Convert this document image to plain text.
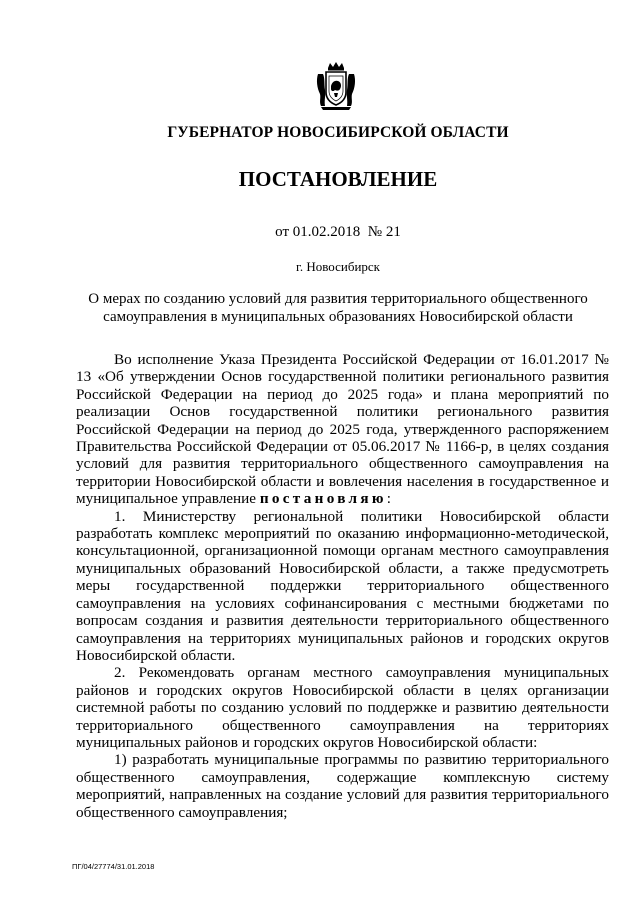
ГУБЕРНАТОР НОВОСИБИРСКОЙ ОБЛАСТИ
ПОСТАНОВЛЕНИЕ
от 01.02.2018  № 21
г. Новосибирск
О мерах по созданию условий для развития территориального общественного
самоуправления в муниципальных образованиях Новосибирской области

Во исполнение Указа Президента Российской Федерации от 16.01.2017 № 13 «Об утверждении Основ государственной политики регионального развития Российской Федерации на период до 2025 года» и плана мероприятий по реализации Основ государственной политики регионального развития Российской Федерации на период до 2025 года, утвержденного распоряжением Правительства Российской Федерации от 05.06.2017 № 1166-р, в целях создания условий для развития территориального общественного самоуправления на территории Новосибирской области и вовлечения населения в государственное и муниципальное управление постановляю:

1. Министерству региональной политики Новосибирской области разработать комплекс мероприятий по оказанию информационно-методической, консультационной, организационной помощи органам местного самоуправления муниципальных образований Новосибирской области, а также предусмотреть меры государственной поддержки территориального общественного самоуправления на условиях софинансирования с местными бюджетами по вопросам создания и развития деятельности территориального общественного самоуправления на территориях муниципальных районов и городских округов Новосибирской области.

2. Рекомендовать органам местного самоуправления муниципальных районов и городских округов Новосибирской области в целях организации системной работы по созданию условий по поддержке и развитию деятельности территориального общественного самоуправления на территориях муниципальных районов и городских округов Новосибирской области:

1) разработать муниципальные программы по развитию территориального общественного самоуправления, содержащие комплексную систему мероприятий, направленных на создание условий для развития территориального общественного самоуправления;

ПГ/04/27774/31.01.2018
